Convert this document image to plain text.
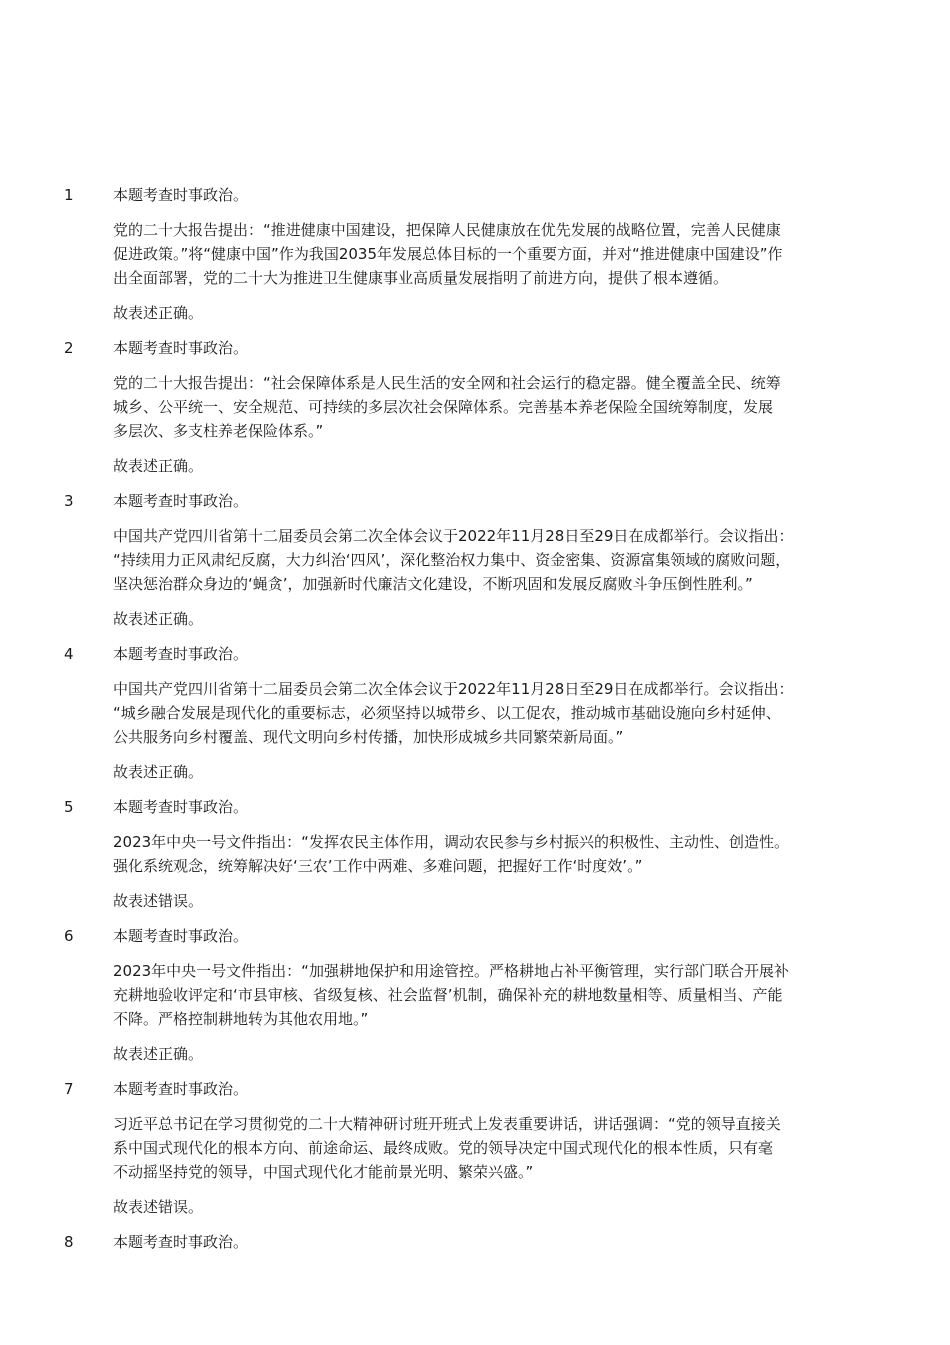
1	本题考查时事政治。

党的二十大报告提出：“推进健康中国建设，把保障人民健康放在优先发展的战略位置，完善人民健康
促进政策。”将“健康中国”作为我国2035年发展总体目标的一个重要方面，并对“推进健康中国建设”作
出全面部署，党的二十大为推进卫生健康事业高质量发展指明了前进方向，提供了根本遵循。

故表述正确。

2	本题考查时事政治。

党的二十大报告提出：“社会保障体系是人民生活的安全网和社会运行的稳定器。健全覆盖全民、统筹
城乡、公平统一、安全规范、可持续的多层次社会保障体系。完善基本养老保险全国统筹制度，发展
多层次、多支柱养老保险体系。”

故表述正确。

3	本题考查时事政治。

中国共产党四川省第十二届委员会第二次全体会议于2022年11月28日至29日在成都举行。会议指出：
“持续用力正风肃纪反腐，大力纠治‘四风’，深化整治权力集中、资金密集、资源富集领域的腐败问题，
坚决惩治群众身边的‘蝇贪’，加强新时代廉洁文化建设，不断巩固和发展反腐败斗争压倒性胜利。”

故表述正确。

4	本题考查时事政治。

中国共产党四川省第十二届委员会第二次全体会议于2022年11月28日至29日在成都举行。会议指出：
“城乡融合发展是现代化的重要标志，必须坚持以城带乡、以工促农，推动城市基础设施向乡村延伸、
公共服务向乡村覆盖、现代文明向乡村传播，加快形成城乡共同繁荣新局面。”

故表述正确。

5	本题考查时事政治。

2023年中央一号文件指出：“发挥农民主体作用，调动农民参与乡村振兴的积极性、主动性、创造性。
强化系统观念，统筹解决好‘三农’工作中两难、多难问题，把握好工作‘时度效’。”

故表述错误。

6	本题考查时事政治。

2023年中央一号文件指出：“加强耕地保护和用途管控。严格耕地占补平衡管理，实行部门联合开展补
充耕地验收评定和‘市县审核、省级复核、社会监督’机制，确保补充的耕地数量相等、质量相当、产能
不降。严格控制耕地转为其他农用地。”

故表述正确。

7	本题考查时事政治。

习近平总书记在学习贯彻党的二十大精神研讨班开班式上发表重要讲话，讲话强调：“党的领导直接关
系中国式现代化的根本方向、前途命运、最终成败。党的领导决定中国式现代化的根本性质，只有毫
不动摇坚持党的领导，中国式现代化才能前景光明、繁荣兴盛。”

故表述错误。

8	本题考查时事政治。
